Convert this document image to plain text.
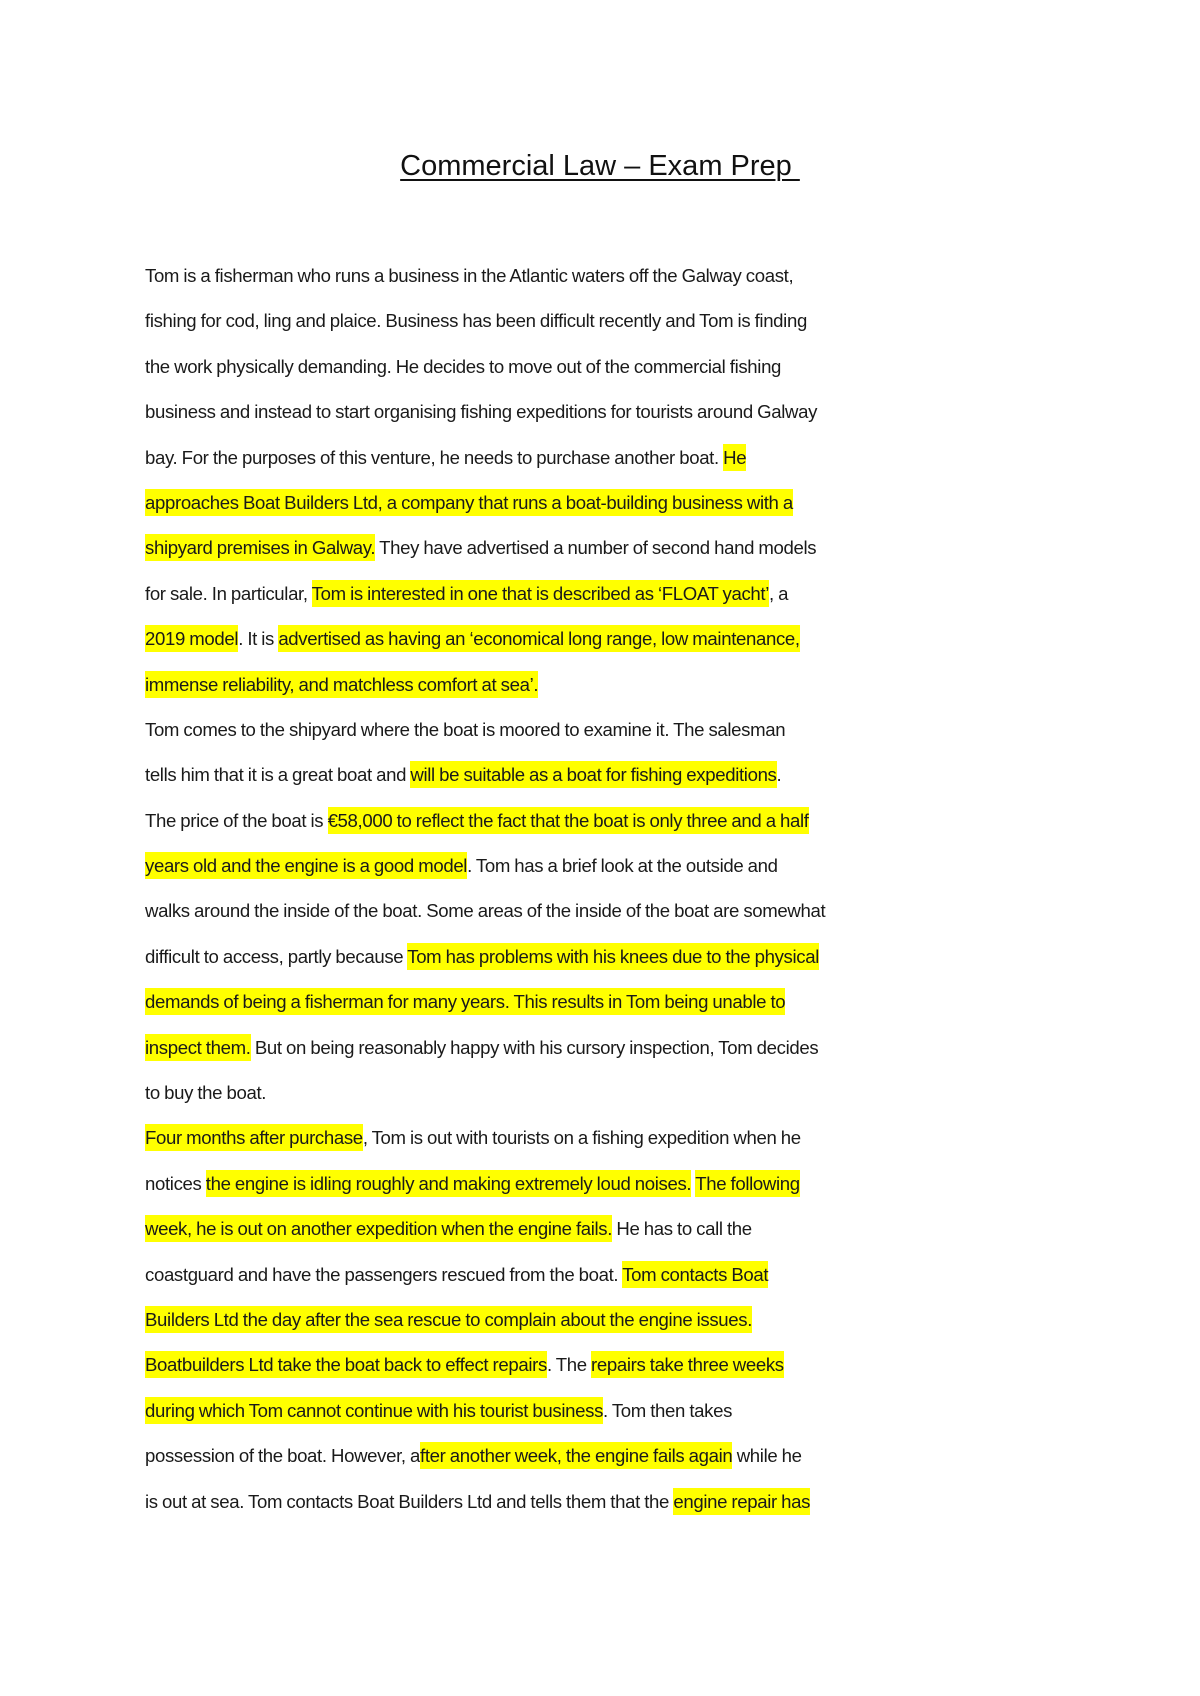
Commercial Law – Exam Prep
Tom is a fisherman who runs a business in the Atlantic waters off the Galway coast,
fishing for cod, ling and plaice. Business has been difficult recently and Tom is finding
the work physically demanding. He decides to move out of the commercial fishing
business and instead to start organising fishing expeditions for tourists around Galway
bay. For the purposes of this venture, he needs to purchase another boat. He
approaches Boat Builders Ltd, a company that runs a boat-building business with a
shipyard premises in Galway. They have advertised a number of second hand models
for sale. In particular, Tom is interested in one that is described as ‘FLOAT yacht’, a
2019 model. It is advertised as having an ‘economical long range, low maintenance,
immense reliability, and matchless comfort at sea’.
Tom comes to the shipyard where the boat is moored to examine it. The salesman
tells him that it is a great boat and will be suitable as a boat for fishing expeditions.
The price of the boat is €58,000 to reflect the fact that the boat is only three and a half
years old and the engine is a good model. Tom has a brief look at the outside and
walks around the inside of the boat. Some areas of the inside of the boat are somewhat
difficult to access, partly because Tom has problems with his knees due to the physical
demands of being a fisherman for many years. This results in Tom being unable to
inspect them. But on being reasonably happy with his cursory inspection, Tom decides
to buy the boat.
Four months after purchase, Tom is out with tourists on a fishing expedition when he
notices the engine is idling roughly and making extremely loud noises. The following
week, he is out on another expedition when the engine fails. He has to call the
coastguard and have the passengers rescued from the boat. Tom contacts Boat
Builders Ltd the day after the sea rescue to complain about the engine issues.
Boatbuilders Ltd take the boat back to effect repairs. The repairs take three weeks
during which Tom cannot continue with his tourist business. Tom then takes
possession of the boat. However, after another week, the engine fails again while he
is out at sea. Tom contacts Boat Builders Ltd and tells them that the engine repair has
